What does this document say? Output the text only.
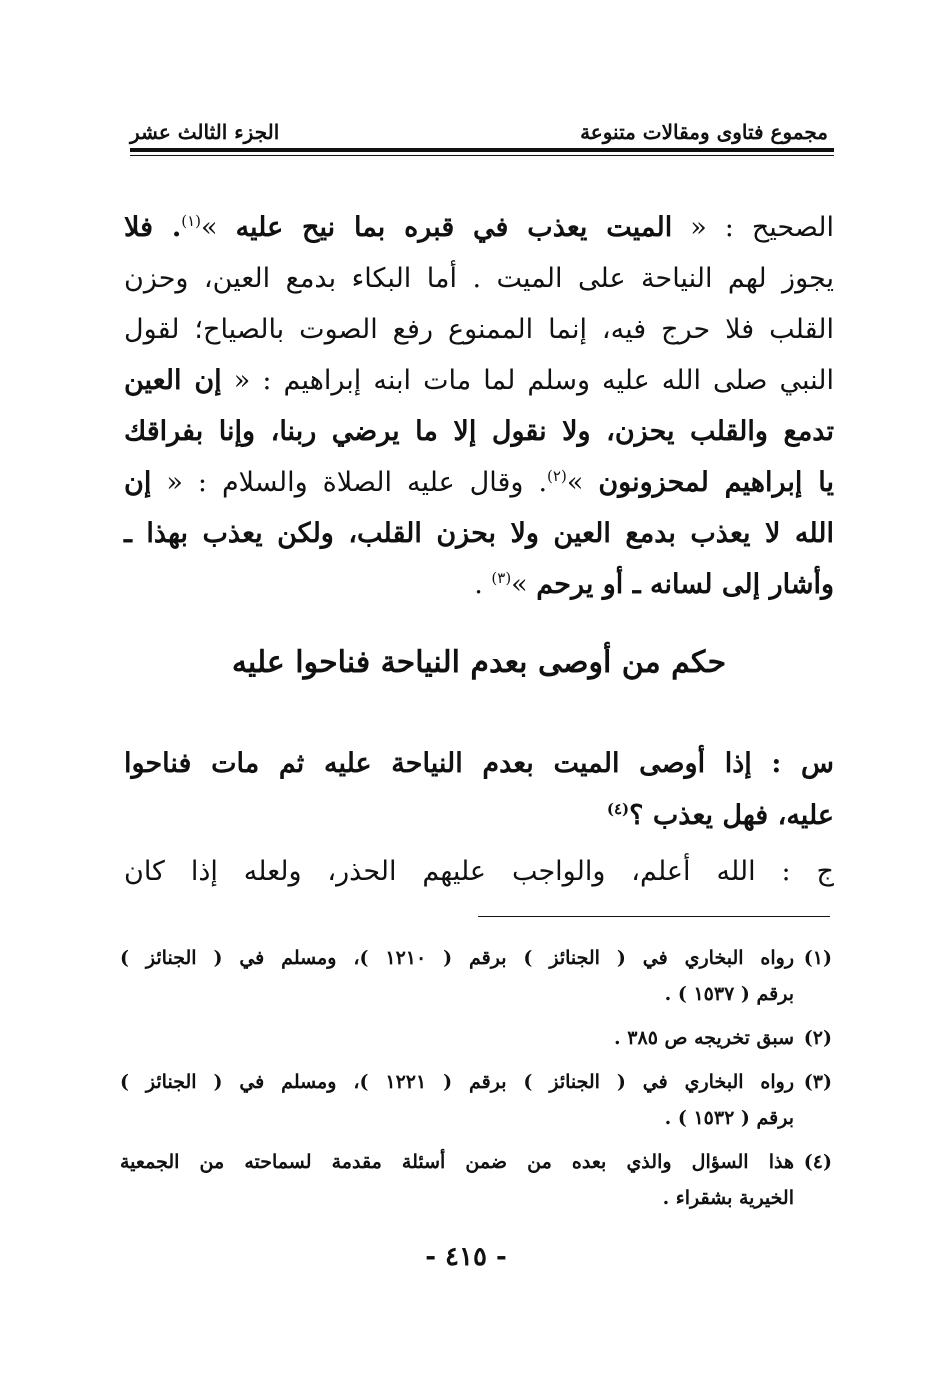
مجموع فتاوى ومقالات متنوعة
الجزء الثالث عشر
الصحيح : « الميت يعذب في قبره بما نيح عليه »$^{(١)}$. فلا
يجوز لهم النياحة على الميت . أما البكاء بدمع العين، وحزن
القلب فلا حرج فيه، إنما الممنوع رفع الصوت بالصياح؛ لقول
النبي صلى الله عليه وسلم لما مات ابنه إبراهيم : « إن العين
تدمع والقلب يحزن، ولا نقول إلا ما يرضي ربنا، وإنا بفراقك
يا إبراهيم لمحزونون »$^{(٢)}$. وقال عليه الصلاة والسلام : « إن
الله لا يعذب بدمع العين ولا بحزن القلب، ولكن يعذب بهذا ـ
وأشار إلى لسانه ـ أو يرحم »$^{(٣)}$ .
حكم من أوصى بعدم النياحة فناحوا عليه
س : إذا أوصى الميت بعدم النياحة عليه ثم مات فناحوا
عليه، فهل يعذب ؟$^{(٤)}$
ج : الله أعلم، والواجب عليهم الحذر، ولعله إذا كان
(١)
رواه البخاري في ( الجنائز ) برقم ( ١٢١٠ )، ومسلم في ( الجنائز )
برقم ( ١٥٣٧ ) .
(٢)
سبق تخريجه ص ٣٨٥ .
(٣)
رواه البخاري في ( الجنائز ) برقم ( ١٢٢١ )، ومسلم في ( الجنائز )
برقم ( ١٥٣٢ ) .
(٤)
هذا السؤال والذي بعده من ضمن أسئلة مقدمة لسماحته من الجمعية
الخيرية بشقراء .
- ٤١٥ -
